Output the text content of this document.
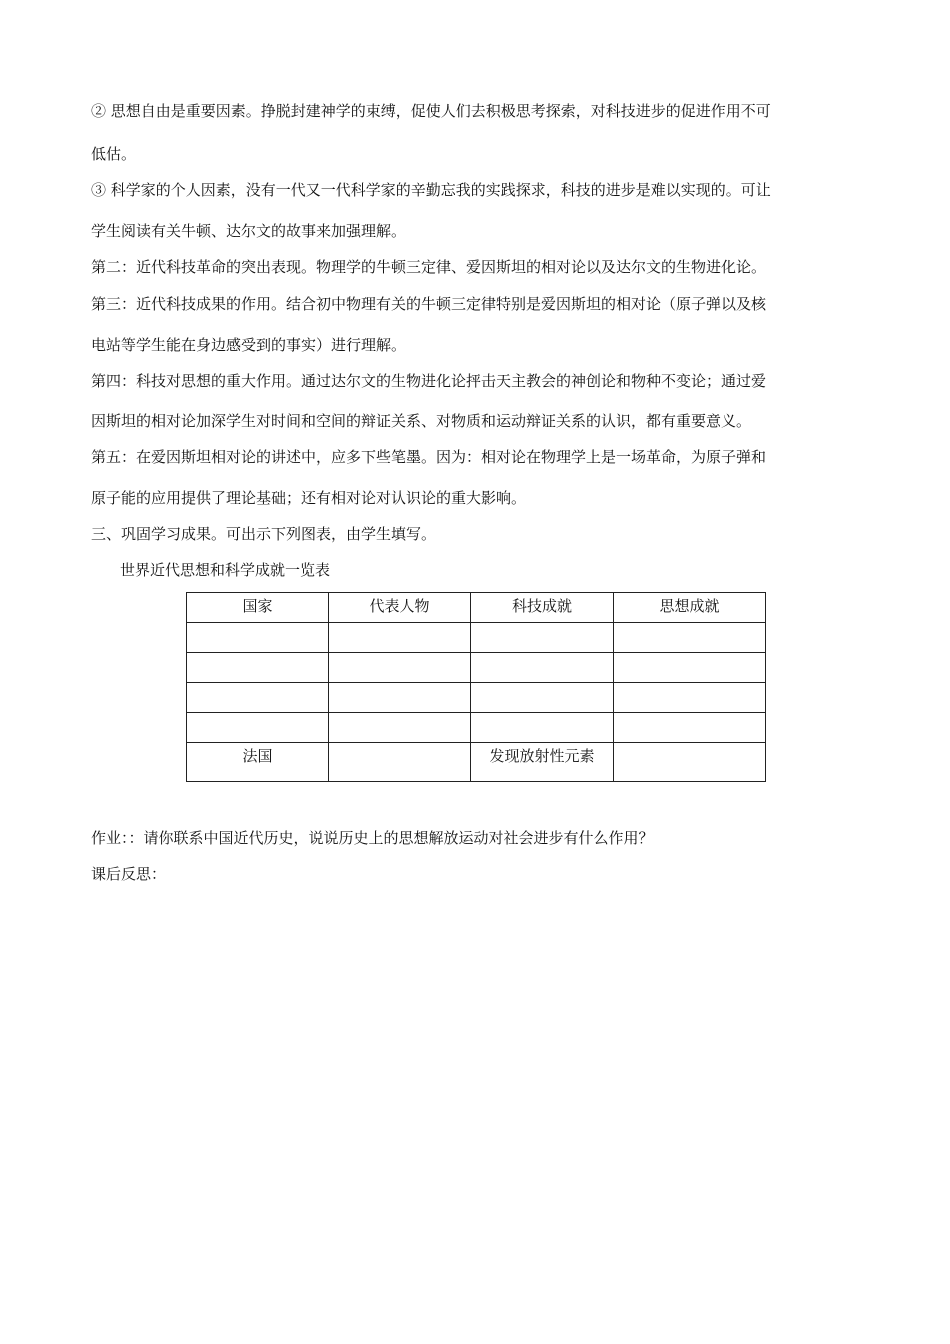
② 思想自由是重要因素。挣脱封建神学的束缚，促使人们去积极思考探索，对科技进步的促进作用不可
低估。
③ 科学家的个人因素，没有一代又一代科学家的辛勤忘我的实践探求，科技的进步是难以实现的。可让
学生阅读有关牛顿、达尔文的故事来加强理解。
第二：近代科技革命的突出表现。物理学的牛顿三定律、爱因斯坦的相对论以及达尔文的生物进化论。
第三：近代科技成果的作用。结合初中物理有关的牛顿三定律特别是爱因斯坦的相对论（原子弹以及核
电站等学生能在身边感受到的事实）进行理解。
第四：科技对思想的重大作用。通过达尔文的生物进化论抨击天主教会的神创论和物种不变论；通过爱
因斯坦的相对论加深学生对时间和空间的辩证关系、对物质和运动辩证关系的认识，都有重要意义。
第五：在爱因斯坦相对论的讲述中，应多下些笔墨。因为：相对论在物理学上是一场革命，为原子弹和
原子能的应用提供了理论基础；还有相对论对认识论的重大影响。
三、巩固学习成果。可出示下列图表，由学生填写。
世界近代思想和科学成就一览表
国家	代表人物	科技成就	思想成就

法国		发现放射性元素	
作业：：请你联系中国近代历史，说说历史上的思想解放运动对社会进步有什么作用？
课后反思：
